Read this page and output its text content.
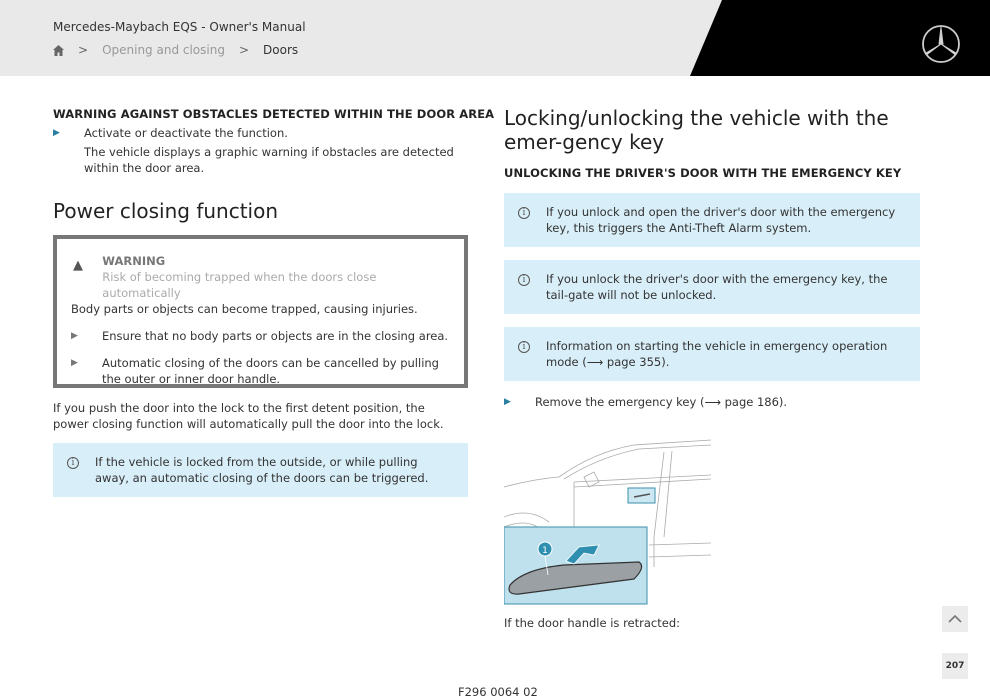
Mercedes-Maybach EQS - Owner's Manual
> Opening and closing > Doors
WARNING AGAINST OBSTACLES DETECTED WITHIN THE DOOR AREA
▶	Activate or deactivate the function.
The vehicle displays a graphic warning if obstacles are detected within the door area.
Power closing function
▲	WARNING
Risk of becoming trapped when the doors close automatically
Body parts or objects can become trapped, causing injuries.
▶	Ensure that no body parts or objects are in the closing area.
▶	Automatic closing of the doors can be cancelled by pulling the outer or inner door handle.

If you push the door into the lock to the first detent position, the power closing function will automatically pull the door into the lock.

i	If the vehicle is locked from the outside, or while pulling away, an automatic closing of the doors can be triggered.
Locking/unlocking the vehicle with the emer-gency key
UNLOCKING THE DRIVER'S DOOR WITH THE EMERGENCY KEY
i	If you unlock and open the driver's door with the emergency key, this triggers the Anti-Theft Alarm system.
i	If you unlock the driver's door with the emergency key, the tail-gate will not be unlocked.
i	Information on starting the vehicle in emergency operation mode (⟶ page 355).
▶	Remove the emergency key (⟶ page 186).
1

If the door handle is retracted:

207
F296 0064 02
